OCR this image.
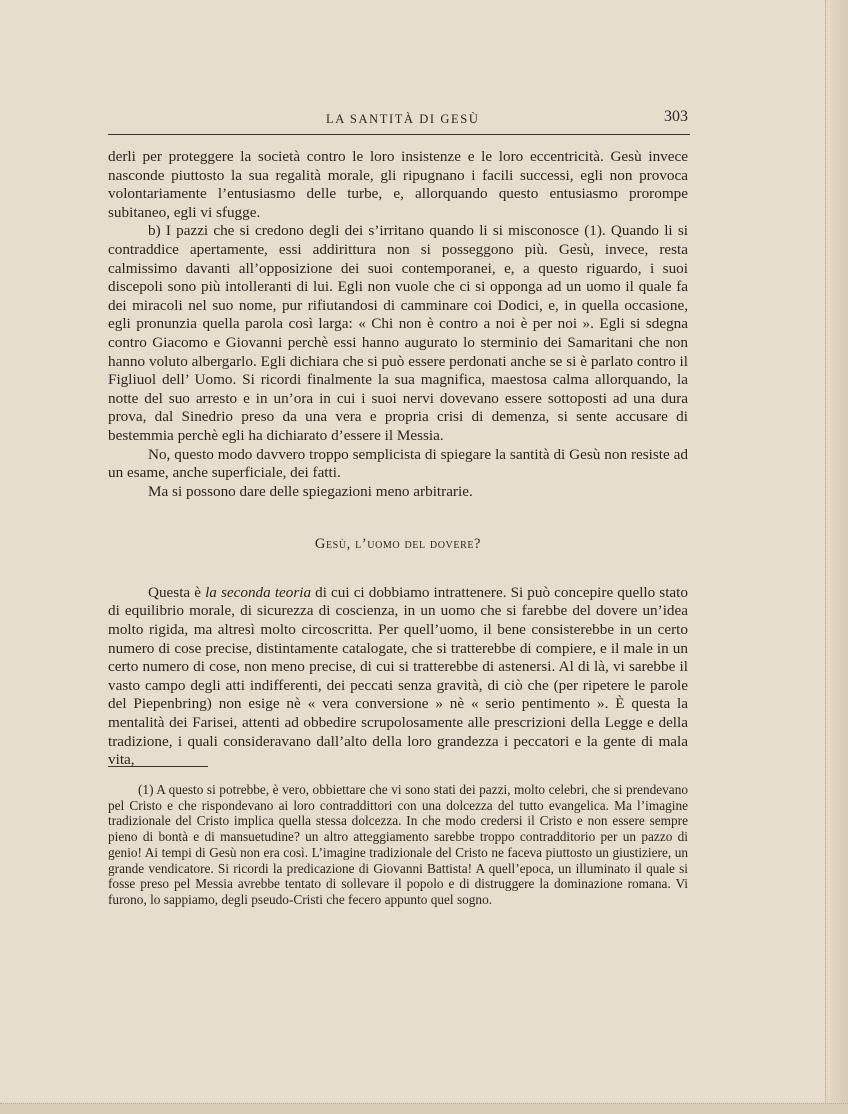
LA SANTITÀ DI GESÙ	303

derli per proteggere la società contro le loro insistenze e le loro eccentricità. Gesù invece nasconde piuttosto la sua regalità morale, gli ripugnano i facili successi, egli non provoca volontariamente l’entusiasmo delle turbe, e, allorquando questo entusiasmo prorompe subitaneo, egli vi sfugge.

b) I pazzi che si credono degli dei s’irritano quando li si misconosce (1). Quando li si contraddice apertamente, essi addirittura non si posseggono più. Gesù, invece, resta calmissimo davanti all’opposizione dei suoi contemporanei, e, a questo riguardo, i suoi discepoli sono più intolleranti di lui. Egli non vuole che ci si opponga ad un uomo il quale fa dei miracoli nel suo nome, pur rifiutandosi di camminare coi Dodici, e, in quella occasione, egli pronunzia quella parola così larga: « Chi non è contro a noi è per noi ». Egli si sdegna contro Giacomo e Giovanni perchè essi hanno augurato lo sterminio dei Samaritani che non hanno voluto albergarlo. Egli dichiara che si può essere perdonati anche se si è parlato contro il Figliuol dell’ Uomo. Si ricordi finalmente la sua magnifica, maestosa calma allorquando, la notte del suo arresto e in un’ora in cui i suoi nervi dovevano essere sottoposti ad una dura prova, dal Sinedrio preso da una vera e propria crisi di demenza, si sente accusare di bestemmia perchè egli ha dichiarato d’essere il Messia.

No, questo modo davvero troppo semplicista di spiegare la santità di Gesù non resiste ad un esame, anche superficiale, dei fatti.

Ma si possono dare delle spiegazioni meno arbitrarie.

Gesù, l’uomo del dovere?

Questa è la seconda teoria di cui ci dobbiamo intrattenere. Si può concepire quello stato di equilibrio morale, di sicurezza di coscienza, in un uomo che si farebbe del dovere un’idea molto rigida, ma altresì molto circoscritta. Per quell’uomo, il bene consisterebbe in un certo numero di cose precise, distintamente catalogate, che si tratterebbe di compiere, e il male in un certo numero di cose, non meno precise, di cui si tratterebbe di astenersi. Al di là, vi sarebbe il vasto campo degli atti indifferenti, dei peccati senza gravità, di ciò che (per ripetere le parole del Piepenbring) non esige nè « vera conversione » nè « serio pentimento ». È questa la mentalità dei Farisei, attenti ad obbedire scrupolosamente alle prescrizioni della Legge e della tradizione, i quali consideravano dall’alto della loro grandezza i peccatori e la gente di mala vita,

(1) A questo si potrebbe, è vero, obbiettare che vi sono stati dei pazzi, molto celebri, che si prendevano pel Cristo e che rispondevano ai loro contraddittori con una dolcezza del tutto evangelica. Ma l’imagine tradizionale del Cristo implica quella stessa dolcezza. In che modo credersi il Cristo e non essere sempre pieno di bontà e di mansuetudine? un altro atteggiamento sarebbe troppo contradditorio per un pazzo di genio! Ai tempi di Gesù non era così. L’imagine tradizionale del Cristo ne faceva piuttosto un giustiziere, un grande vendicatore. Si ricordi la predicazione di Giovanni Battista! A quell’epoca, un illuminato il quale si fosse preso pel Messia avrebbe tentato di sollevare il popolo e di distruggere la dominazione romana. Vi furono, lo sappiamo, degli pseudo-Cristi che fecero appunto quel sogno.
